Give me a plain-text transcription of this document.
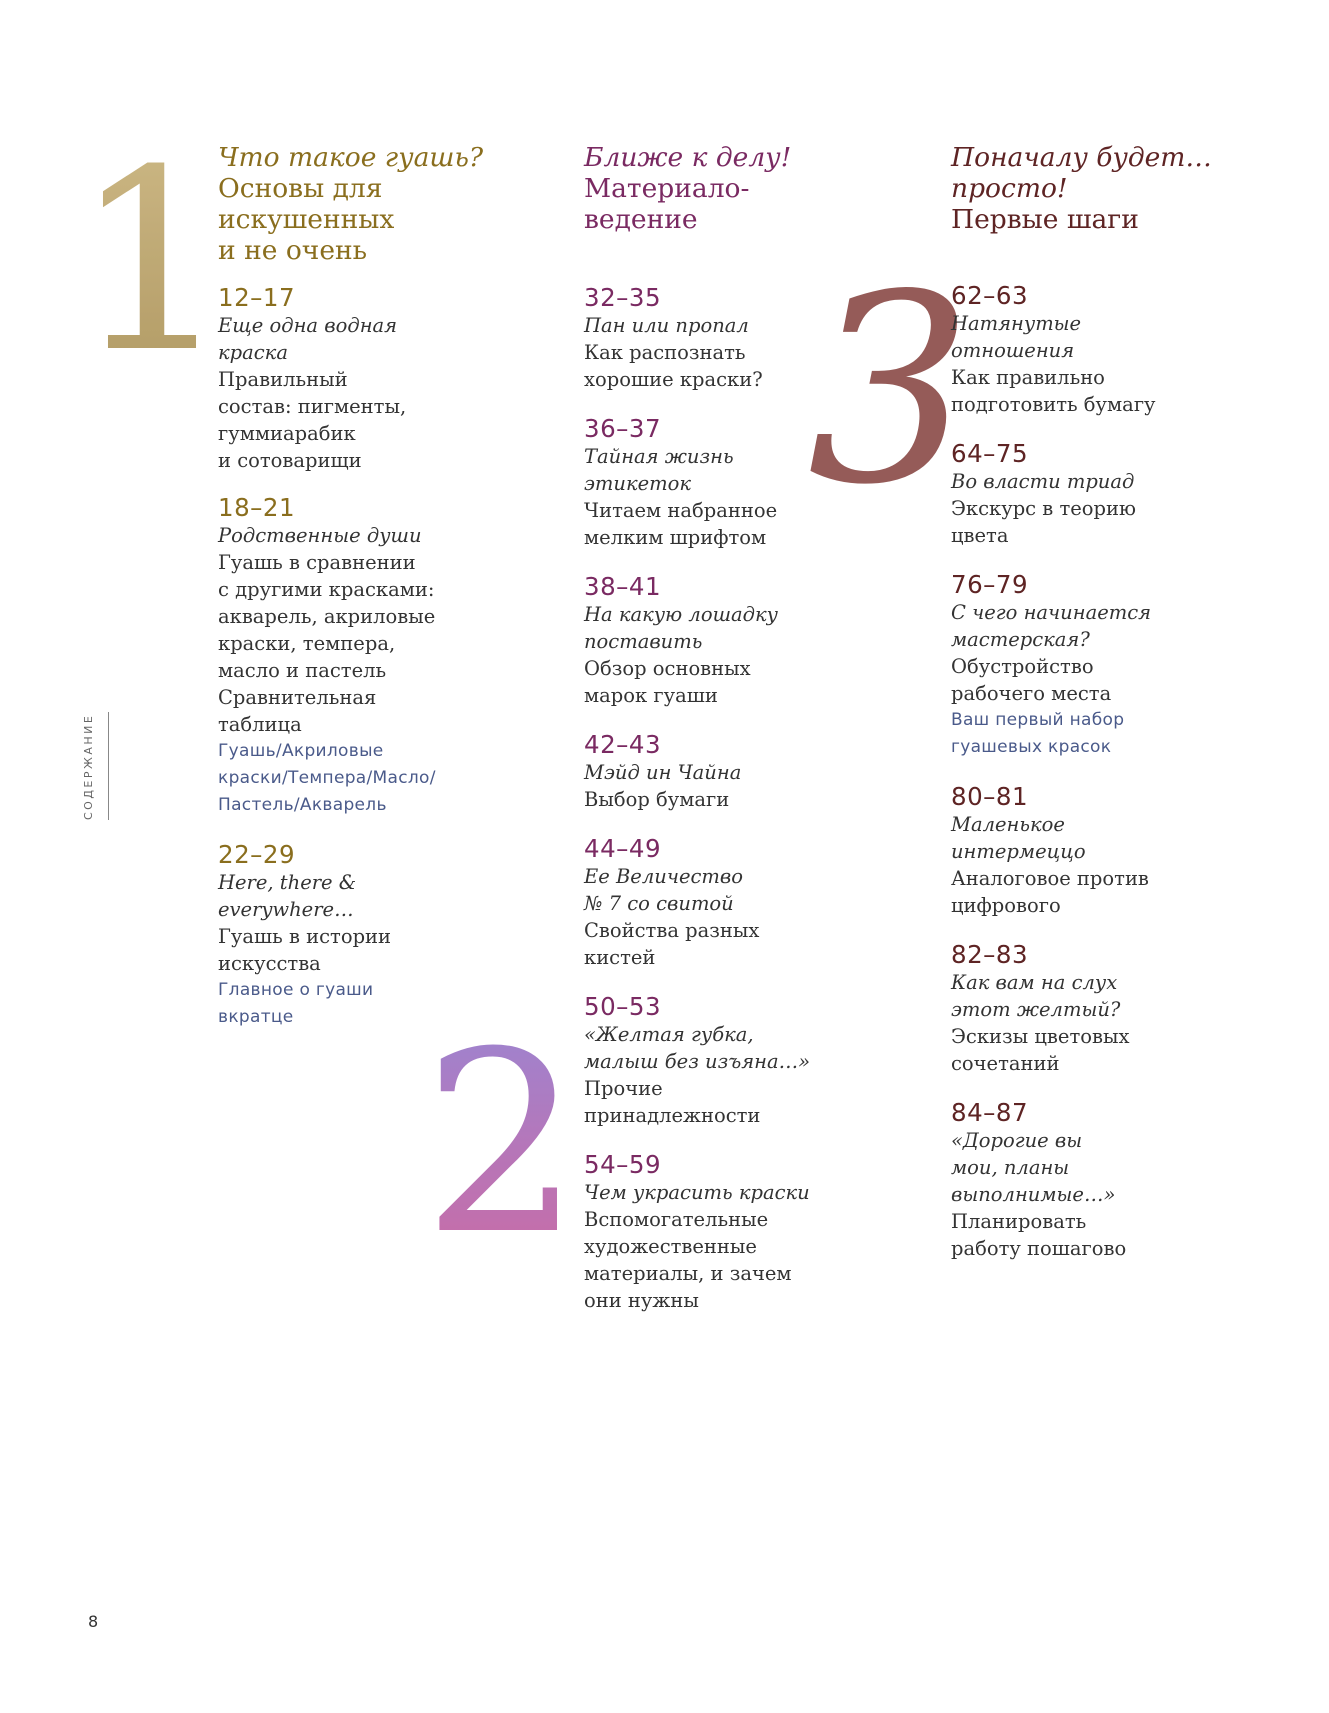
1
2
3
Что такое гуашь?
Основы для
искушенных
и не очень
12–17
Еще одна водная
краска
Правильный
состав: пигменты,
гуммиарабик
и сотоварищи
18–21
Родственные души
Гуашь в сравнении
с другими красками:
акварель, акриловые
краски, темпера,
масло и пастель
Сравнительная
таблица
Гуашь/Акриловые
краски/Темпера/Масло/
Пастель/Акварель
22–29
Here, there &
everywhere…
Гуашь в истории
искусства
Главное о гуаши
вкратце
Ближе к делу!
Материало-
ведение
32–35
Пан или пропал
Как распознать
хорошие краски?
36–37
Тайная жизнь
этикеток
Читаем набранное
мелким шрифтом
38–41
На какую лошадку
поставить
Обзор основных
марок гуаши
42–43
Мэйд ин Чайна
Выбор бумаги
44–49
Ее Величество
№ 7 со свитой
Свойства разных
кистей
50–53
«Желтая губка,
малыш без изъяна…»
Прочие
принадлежности
54–59
Чем украсить краски
Вспомогательные
художественные
материалы, и зачем
они нужны
Поначалу будет…
просто!
Первые шаги
62–63
Натянутые
отношения
Как правильно
подготовить бумагу
64–75
Во власти триад
Экскурс в теорию
цвета
76–79
С чего начинается
мастерская?
Обустройство
рабочего места
Ваш первый набор
гуашевых красок
80–81
Маленькое
интермеццо
Аналоговое против
цифрового
82–83
Как вам на слух
этот желтый?
Эскизы цветовых
сочетаний
84–87
«Дорогие вы
мои, планы
выполнимые…»
Планировать
работу пошагово
СОДЕРЖАНИЕ
8
